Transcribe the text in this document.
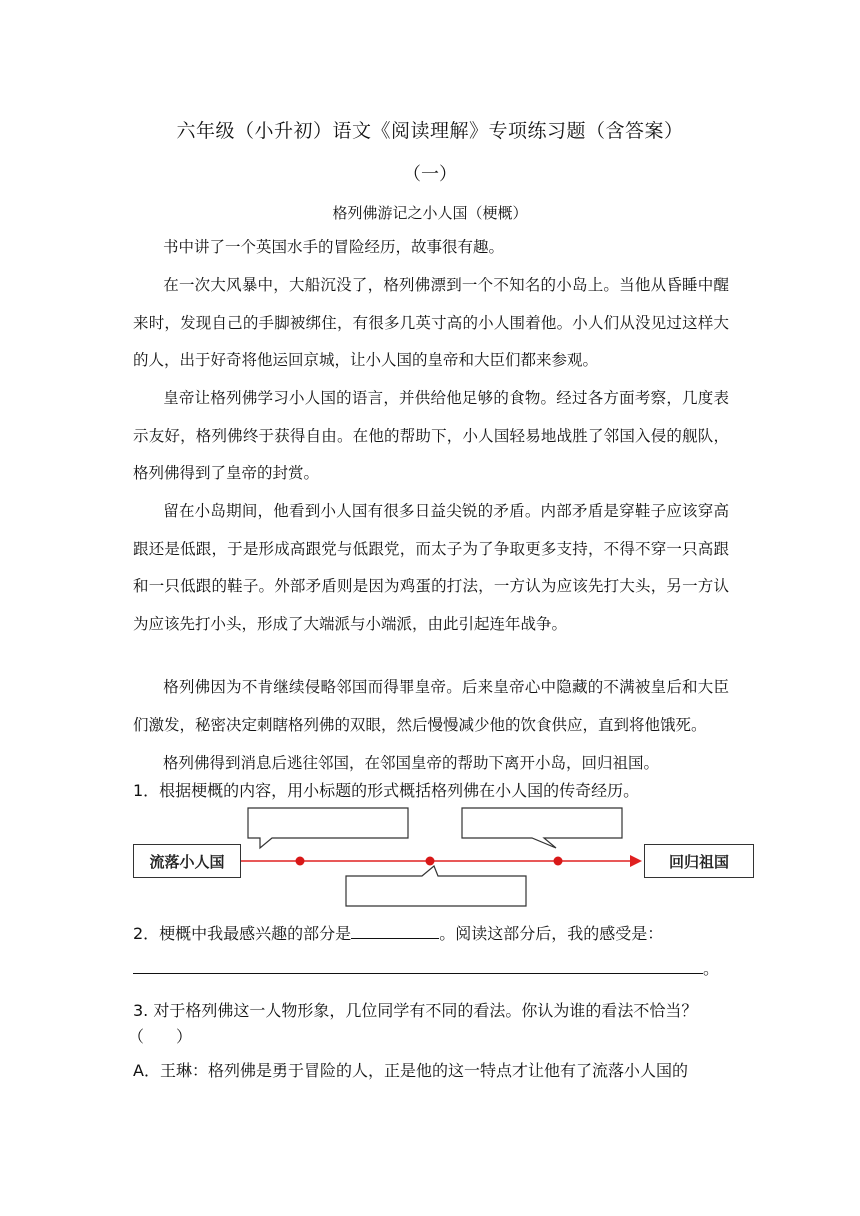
六年级（小升初）语文《阅读理解》专项练习题（含答案）
（一）
格列佛游记之小人国（梗概）
书中讲了一个英国水手的冒险经历，故事很有趣。
在一次大风暴中，大船沉没了，格列佛漂到一个不知名的小岛上。当他从昏睡中醒来时，发现自己的手脚被绑住，有很多几英寸高的小人围着他。小人们从没见过这样大的人，出于好奇将他运回京城，让小人国的皇帝和大臣们都来参观。
皇帝让格列佛学习小人国的语言，并供给他足够的食物。经过各方面考察，几度表示友好，格列佛终于获得自由。在他的帮助下，小人国轻易地战胜了邻国入侵的舰队，格列佛得到了皇帝的封赏。
留在小岛期间，他看到小人国有很多日益尖锐的矛盾。内部矛盾是穿鞋子应该穿高跟还是低跟，于是形成高跟党与低跟党，而太子为了争取更多支持，不得不穿一只高跟和一只低跟的鞋子。外部矛盾则是因为鸡蛋的打法，一方认为应该先打大头，另一方认为应该先打小头，形成了大端派与小端派，由此引起连年战争。
格列佛因为不肯继续侵略邻国而得罪皇帝。后来皇帝心中隐藏的不满被皇后和大臣们激发，秘密决定刺瞎格列佛的双眼，然后慢慢减少他的饮食供应，直到将他饿死。
格列佛得到消息后逃往邻国，在邻国皇帝的帮助下离开小岛，回归祖国。
1．根据梗概的内容，用小标题的形式概括格列佛在小人国的传奇经历。
流落小人国	回归祖国
2．梗概中我最感兴趣的部分是	。阅读这部分后，我的感受是：
。
3. 对于格列佛这一人物形象，几位同学有不同的看法。你认为谁的看法不恰当？
（　　）
A．王琳：格列佛是勇于冒险的人，正是他的这一特点才让他有了流落小人国的
